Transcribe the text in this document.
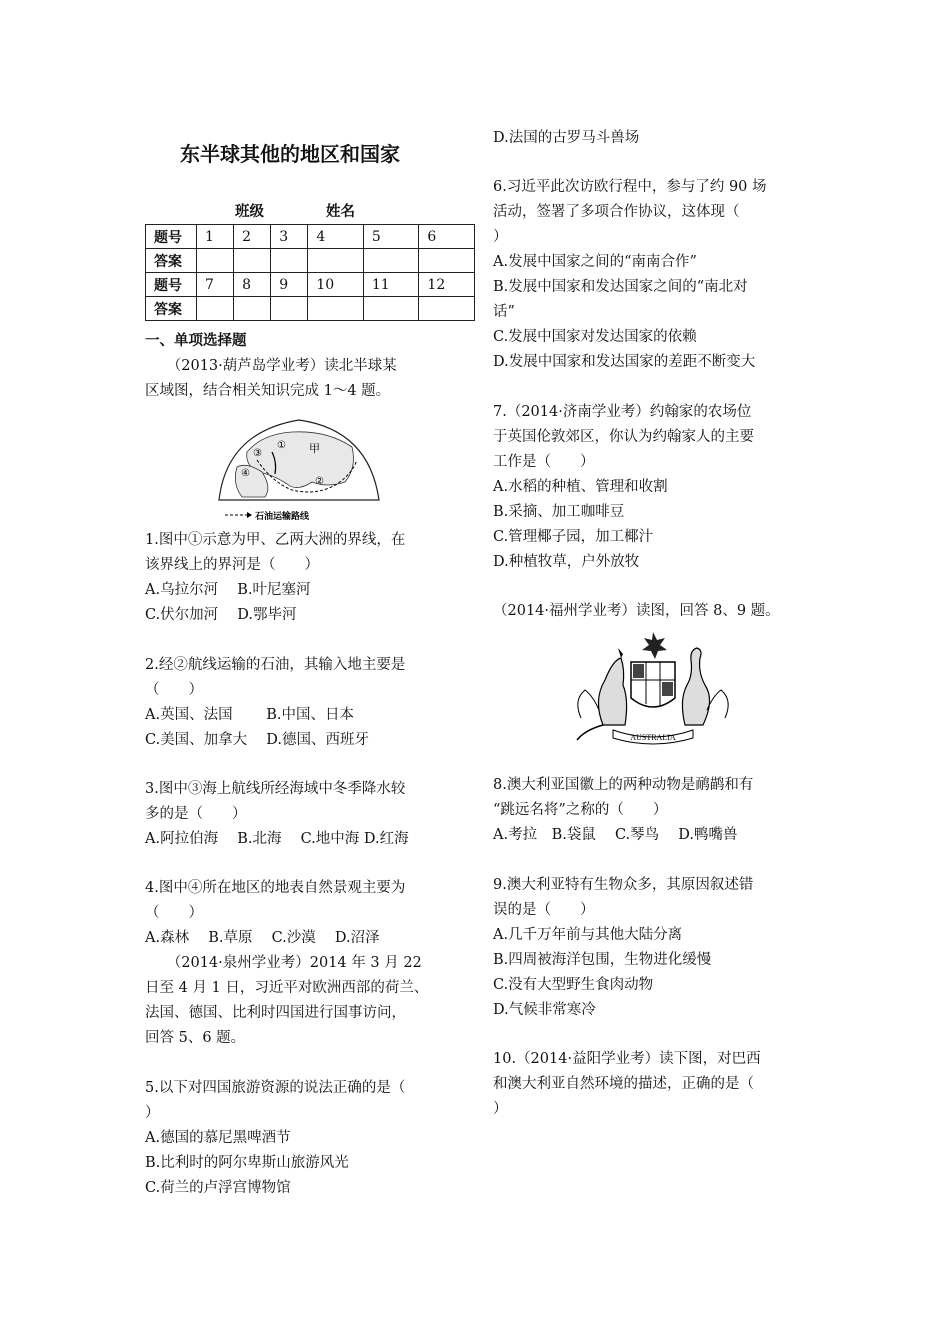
东半球其他的地区和国家
班级	姓名
题号	1	2	3	4	5	6
答案						
题号	7	8	9	10	11	12
答案						
一、单项选择题
　　（2013·葫芦岛学业考）读北半球某
区域图，结合相关知识完成 1～4 题。
甲
③
④
①
②
石油运输路线
1.图中①示意为甲、乙两大洲的界线，在
该界线上的界河是（　　）
A.乌拉尔河　 B.叶尼塞河
C.伏尔加河　 D.鄂毕河
2.经②航线运输的石油，其输入地主要是
（　　）
A.英国、法国　　 B.中国、日本
C.美国、加拿大　 D.德国、西班牙
3.图中③海上航线所经海域中冬季降水较
多的是（　　）
A.阿拉伯海　 B.北海　 C.地中海 D.红海
4.图中④所在地区的地表自然景观主要为
（　　）
A.森林　 B.草原　 C.沙漠　 D.沼泽
　　（2014·泉州学业考）2014 年 3 月 22
日至 4 月 1 日，习近平对欧洲西部的荷兰、
法国、德国、比利时四国进行国事访问，
回答 5、6 题。
5.以下对四国旅游资源的说法正确的是（
）
A.德国的慕尼黑啤酒节
B.比利时的阿尔卑斯山旅游风光
C.荷兰的卢浮宫博物馆
D.法国的古罗马斗兽场
6.习近平此次访欧行程中，参与了约 90 场
活动，签署了多项合作协议，这体现（
）
A.发展中国家之间的“南南合作”
B.发展中国家和发达国家之间的“南北对
话”
C.发展中国家对发达国家的依赖
D.发展中国家和发达国家的差距不断变大
7.（2014·济南学业考）约翰家的农场位
于英国伦敦郊区，你认为约翰家人的主要
工作是（　　）
A.水稻的种植、管理和收割
B.采摘、加工咖啡豆
C.管理椰子园，加工椰汁
D.种植牧草，户外放牧
（2014·福州学业考）读图，回答 8、9 题。
AUSTRALIA
8.澳大利亚国徽上的两种动物是鸸鹋和有
“跳远名将”之称的（　　）
A.考拉　B.袋鼠　 C.琴鸟　 D.鸭嘴兽
9.澳大利亚特有生物众多，其原因叙述错
误的是（　　）
A.几千万年前与其他大陆分离
B.四周被海洋包围，生物进化缓慢
C.没有大型野生食肉动物
D.气候非常寒冷
10.（2014·益阳学业考）读下图，对巴西
和澳大利亚自然环境的描述，正确的是（
）
